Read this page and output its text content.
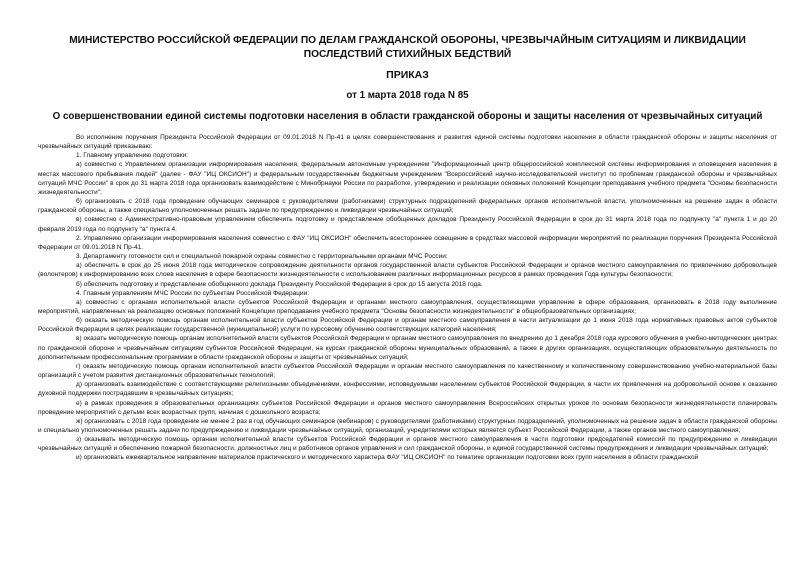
МИНИСТЕРСТВО РОССИЙСКОЙ ФЕДЕРАЦИИ ПО ДЕЛАМ ГРАЖДАНСКОЙ ОБОРОНЫ, ЧРЕЗВЫЧАЙНЫМ СИТУАЦИЯМ И ЛИКВИДАЦИИ ПОСЛЕДСТВИЙ СТИХИЙНЫХ БЕДСТВИЙ
ПРИКАЗ
от 1 марта 2018 года N 85
О совершенствовании единой системы подготовки населения в области гражданской обороны и защиты населения от чрезвычайных ситуаций

Во исполнение поручения Президента Российской Федерации от 09.01.2018 N Пр-41 в целях совершенствования и развития единой системы подготовки населения в области гражданской обороны и защиты населения от чрезвычайных ситуаций приказываю:

1. Главному управлению подготовки:

а) совместно с Управлением организации информирования населения, федеральным автономным учреждением "Информационный центр общероссийской комплексной системы информирования и оповещения населения в местах массового пребывания людей" (далее - ФАУ "ИЦ ОКСИОН") и федеральным государственным бюджетным учреждением "Всероссийский научно-исследовательский институт по проблемам гражданской обороны и чрезвычайных ситуаций МЧС России" в срок до 31 марта 2018 года организовать взаимодействие с Минобрнауки России по разработке, утверждению и реализации основных положений Концепции преподавания учебного предмета "Основы безопасности жизнедеятельности";

б) организовать с 2018 года проведение обучающих семинаров с руководителями (работниками) структурных подразделений федеральных органов исполнительной власти, уполномоченных на решение задач в области гражданской обороны, а также специально уполномоченных решать задачи по предупреждению и ликвидации чрезвычайных ситуаций;

в) совместно с Административно-правовым управлением обеспечить подготовку и представление обобщенных докладов Президенту Российской Федерации в срок до 31 марта 2018 года по подпункту "а" пункта 1 и до 20 февраля 2019 года по подпункту "а" пункта 4.

2. Управлению организации информирования населения совместно с ФАУ "ИЦ ОКСИОН" обеспечить всестороннее освещение в средствах массовой информации мероприятий по реализации поручения Президента Российской Федерации от 09.01.2018 N Пр-41.

3. Департаменту готовности сил и специальной пожарной охраны совместно с территориальными органами МЧС России:

а) обеспечить в срок до 25 июня 2018 года методическое сопровождение деятельности органов государственной власти субъектов Российской Федерации и органов местного самоуправления по привлечению добровольцев (волонтеров) к информированию всех слоев населения в сфере безопасности жизнедеятельности с использованием различных информационных ресурсов в рамках проведения Года культуры безопасности;

б) обеспечить подготовку и представление обобщенного доклада Президенту Российской Федерации в срок до 15 августа 2018 года.

4. Главным управлениям МЧС России по субъектам Российской Федерации:

а) совместно с органами исполнительной власти субъектов Российской Федерации и органами местного самоуправления, осуществляющими управление в сфере образования, организовать в 2018 году выполнение мероприятий, направленных на реализацию основных положений Концепции преподавания учебного предмета "Основы безопасности жизнедеятельности" в общеобразовательных организациях;

б) оказать методическую помощь органам исполнительной власти субъектов Российской Федерации и органам местного самоуправления в части актуализации до 1 июня 2018 года нормативных правовых актов субъектов Российской Федерации в целях реализации государственной (муниципальной) услуги по курсовому обучению соответствующих категорий населения;

в) оказать методическую помощь органам исполнительной власти субъектов Российской Федерации и органам местного самоуправления по внедрению до 1 декабря 2018 года курсового обучения в учебно-методических центрах по гражданской обороне и чрезвычайным ситуациям субъектов Российской Федерации, на курсах гражданской обороны муниципальных образований, а также в других организациях, осуществляющих образовательную деятельность по дополнительным профессиональным программам в области гражданской обороны и защиты от чрезвычайных ситуаций;

г) оказать методическую помощь органам исполнительной власти субъектов Российской Федерации и органам местного самоуправления по качественному и количественному совершенствованию учебно-материальной базы организаций с учетом развития дистанционных образовательных технологий;

д) организовать взаимодействие с соответствующими религиозными объединениями, конфессиями, исповедуемыми населением субъектов Российской Федерации, в части их привлечения на добровольной основе к оказанию духовной поддержки пострадавшим в чрезвычайных ситуациях;

е) в рамках проведения в образовательных организациях субъектов Российской Федерации и органов местного самоуправления Всероссийских открытых уроков по основам безопасности жизнедеятельности планировать проведение мероприятий с детьми всех возрастных групп, начиная с дошкольного возраста;

ж) организовать с 2018 года проведение не менее 2 раз в год обучающих семинаров (вебинаров) с руководителями (работниками) структурных подразделений, уполномоченных на решение задач в области гражданской обороны и специально уполномоченных решать задачи по предупреждению и ликвидации чрезвычайных ситуаций, организаций, учредителями которых является субъект Российской Федерации, а также органов местного самоуправления;

з) оказывать методическую помощь органам исполнительной власти субъектов Российской Федерации и органов местного самоуправления в части подготовки председателей комиссий по предупреждению и ликвидации чрезвычайных ситуаций и обеспечению пожарной безопасности, должностных лиц и работников органов управления и сил гражданской обороны, и единой государственной системы предупреждения и ликвидации чрезвычайных ситуаций;

и) организовать ежеквартальное направление материалов практического и методического характера ФАУ "ИЦ ОКСИОН" по тематике организации подготовки всех групп населения в области гражданской
